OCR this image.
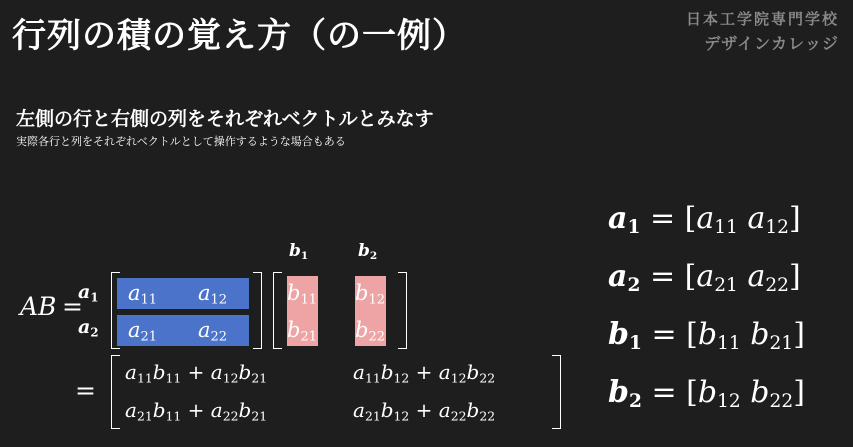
行列の積の覚え方（の一例）	日本工学院専門学校
デザインカレッジ
左側の行と右側の列をそれぞれベクトルとみなす
実際各行と列をそれぞれベクトルとして操作するような場合もある
$b_1$	$b_2$
AB =
$a_1$
$a_2$
$a_{11}$ $a_{12}$
$a_{21}$ $a_{22}$
$b_{11}$ $b_{12}$
$b_{21}$ $b_{22}$
=
$a_{11}b_{11} + a_{12}b_{21}$	$a_{11}b_{12} + a_{12}b_{22}$
$a_{21}b_{11} + a_{22}b_{21}$	$a_{21}b_{12} + a_{22}b_{22}$
$a_1 = [a_{11}$ $a_{12}$]
$a_2 = [a_{21}$ $a_{22}$]
$b_1 = [b_{11}$ $b_{21}$]
$b_2 = [b_{12}$ $b_{22}$]
